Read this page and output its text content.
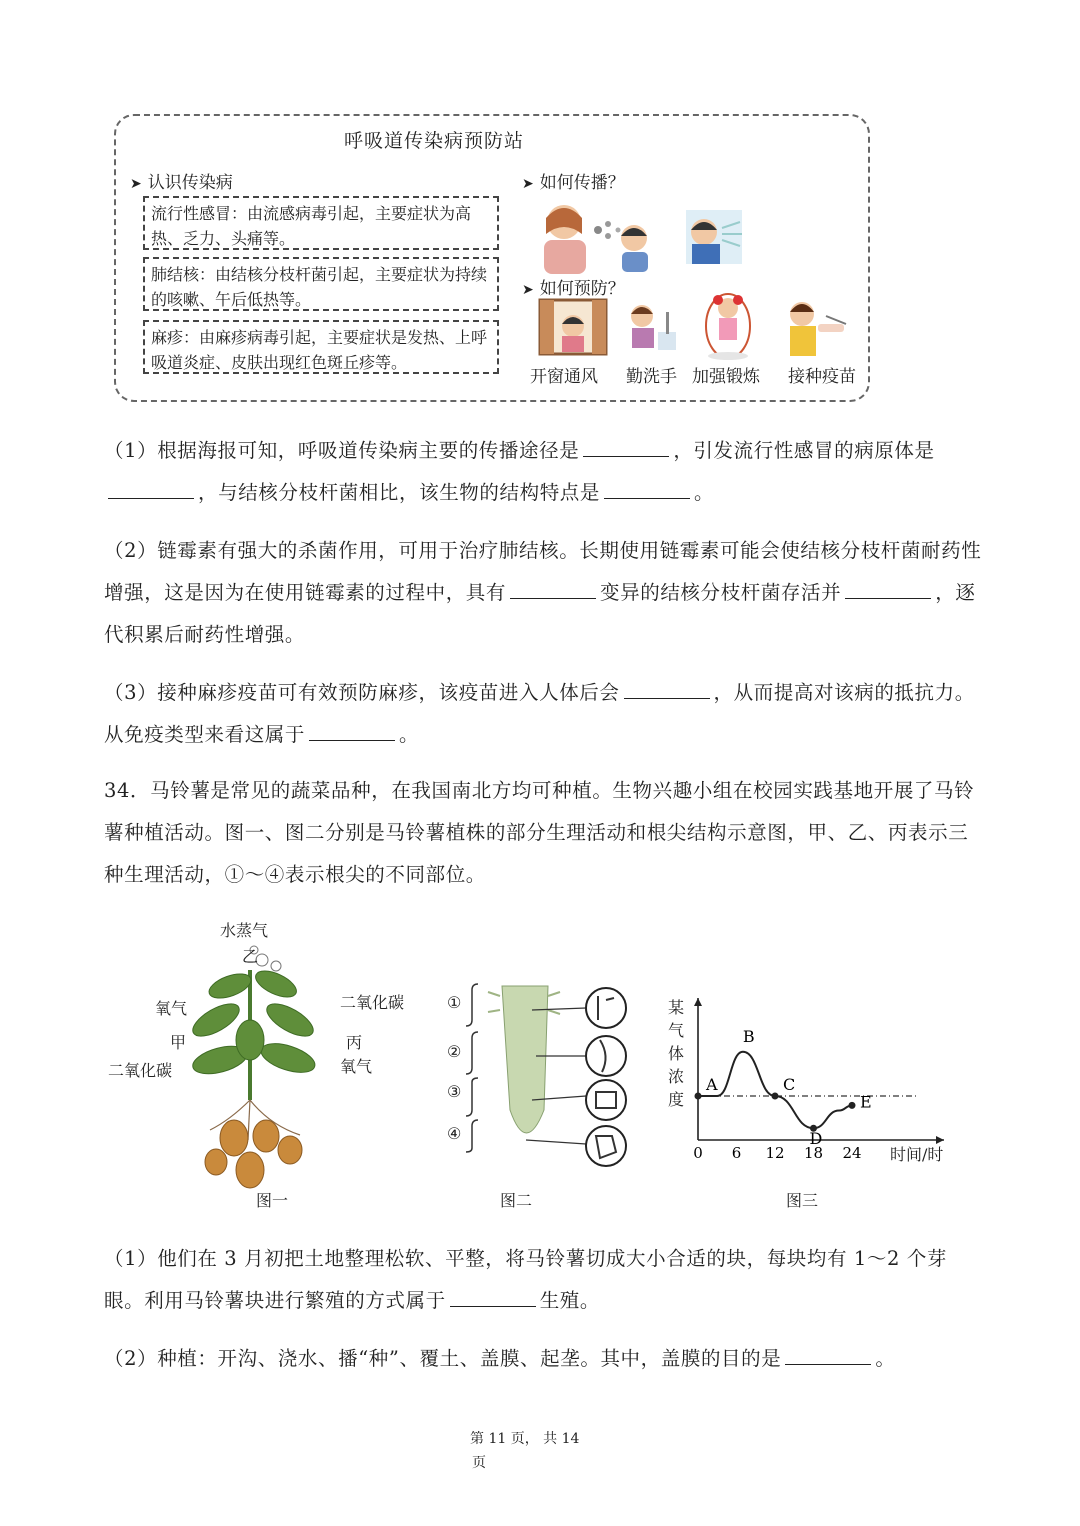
呼吸道传染病预防站
➤ 认识传染病
流行性感冒：由流感病毒引起，主要症状为高热、乏力、头痛等。
肺结核：由结核分枝杆菌引起，主要症状为持续的咳嗽、午后低热等。
麻疹：由麻疹病毒引起，主要症状是发热、上呼吸道炎症、皮肤出现红色斑丘疹等。
➤ 如何传播？
➤ 如何预防？
开窗通风 勤洗手 加强锻炼 接种疫苗
（1）根据海报可知，呼吸道传染病主要的传播途径是	，引发流行性感冒的病原体是，与结核分枝杆菌相比，该生物的结构特点是	。
（2）链霉素有强大的杀菌作用，可用于治疗肺结核。长期使用链霉素可能会使结核分枝杆菌耐药性增强，这是因为在使用链霉素的过程中，具有	变异的结核分枝杆菌存活并	，逐代积累后耐药性增强。
（3）接种麻疹疫苗可有效预防麻疹，该疫苗进入人体后会	，从而提高对该病的抵抗力。从免疫类型来看这属于	。
34．马铃薯是常见的蔬菜品种，在我国南北方均可种植。生物兴趣小组在校园实践基地开展了马铃薯种植活动。图一、图二分别是马铃薯植株的部分生理活动和根尖结构示意图，甲、乙、丙表示三种生理活动，①～④表示根尖的不同部位。
水蒸气
乙
氧气
甲
二氧化碳
二氧化碳
丙
氧气
图一
①
②
③
④
图二
0 6 12 18 24
A
B
C
D
E
某气体浓度
时间/时
图三
（1）他们在 3 月初把土地整理松软、平整，将马铃薯切成大小合适的块，每块均有 1～2 个芽眼。利用马铃薯块进行繁殖的方式属于	生殖。
（2）种植：开沟、浇水、播“种”、覆土、盖膜、起垄。其中，盖膜的目的是	。
第 11 页， 共 14
页
